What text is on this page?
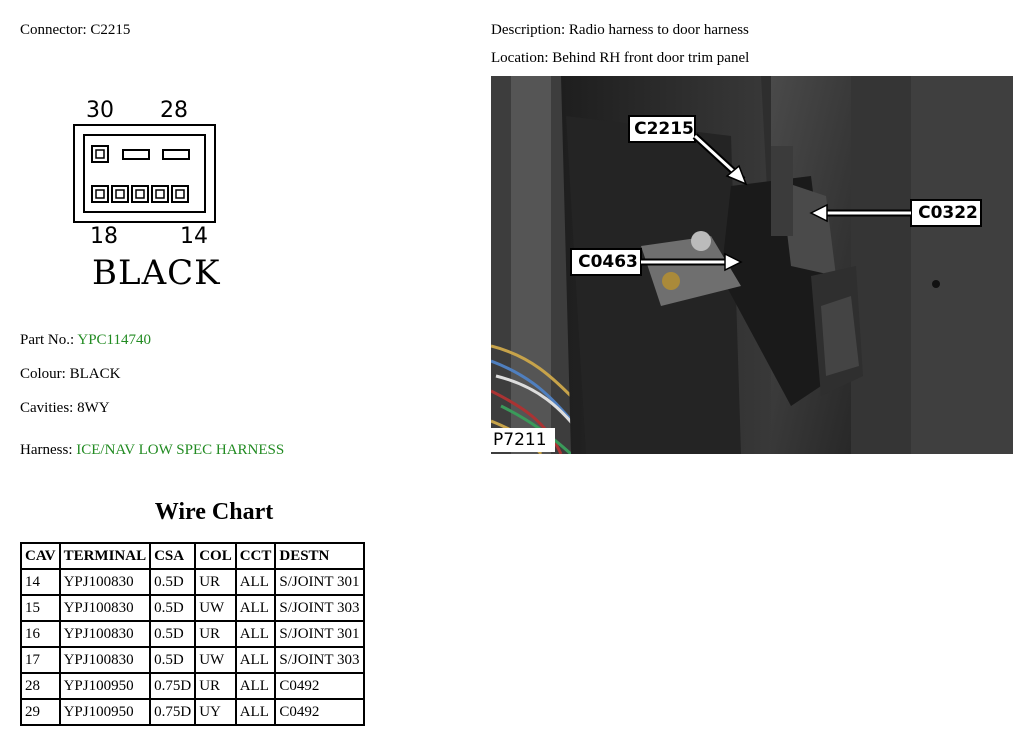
Connector: C2215	Description: Radio harness to door harness
Location: Behind RH front door trim panel
30 28
18	14
BLACK
C2215
C0322
C0463
P7211
Part No.: YPC114740
Colour: BLACK
Cavities: 8WY
Harness: ICE/NAV LOW SPEC HARNESS
Wire Chart
CAV	TERMINAL	CSA	COL	CCT	DESTN
14	YPJ100830	0.5D	UR	ALL	S/JOINT 301
15	YPJ100830	0.5D	UW	ALL	S/JOINT 303
16	YPJ100830	0.5D	UR	ALL	S/JOINT 301
17	YPJ100830	0.5D	UW	ALL	S/JOINT 303
28	YPJ100950	0.75D	UR	ALL	C0492
29	YPJ100950	0.75D	UY	ALL	C0492
